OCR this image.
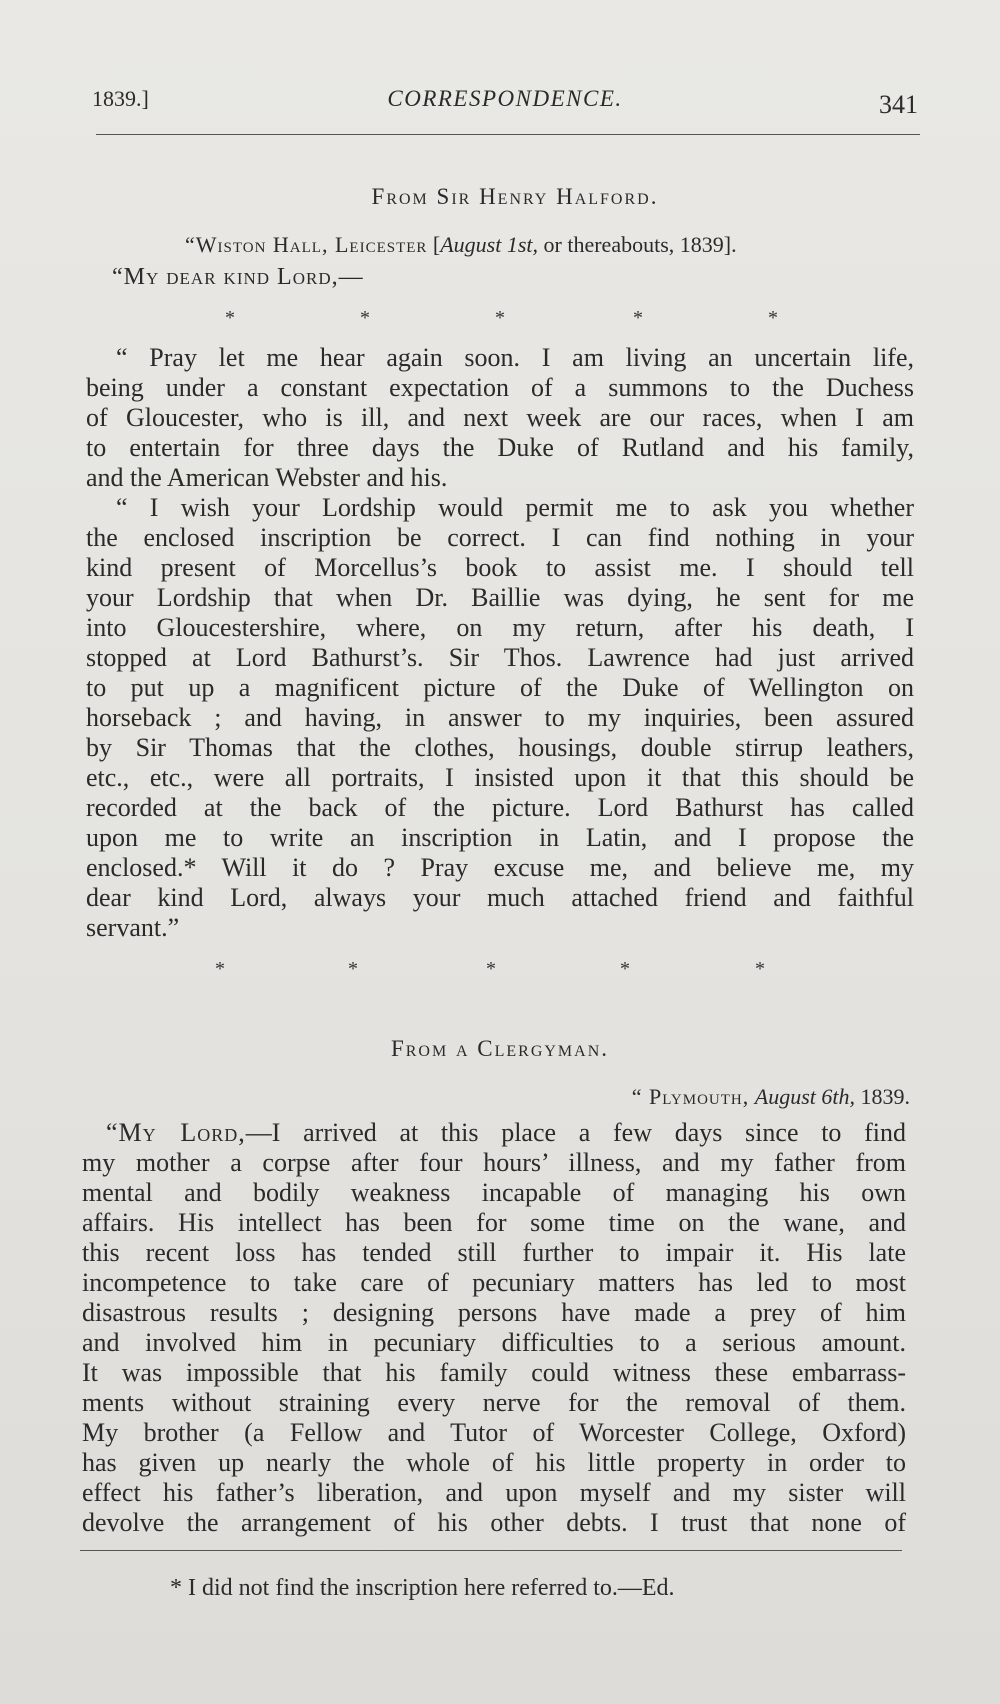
1839.]	CORRESPONDENCE.	341
From Sir Henry Halford.
“Wiston Hall, Leicester [August 1st, or thereabouts, 1839].
“My dear kind Lord,—
*	*	*	*	*
“ Pray let me hear again soon. I am living an uncertain life,
being under a constant expectation of a summons to the Duchess
of Gloucester, who is ill, and next week are our races, when I am
to entertain for three days the Duke of Rutland and his family,
and the American Webster and his.
“ I wish your Lordship would permit me to ask you whether
the enclosed inscription be correct. I can find nothing in your
kind present of Morcellus’s book to assist me. I should tell
your Lordship that when Dr. Baillie was dying, he sent for me
into Gloucestershire, where, on my return, after his death, I
stopped at Lord Bathurst’s. Sir Thos. Lawrence had just arrived
to put up a magnificent picture of the Duke of Wellington on
horseback ; and having, in answer to my inquiries, been assured
by Sir Thomas that the clothes, housings, double stirrup leathers,
etc., etc., were all portraits, I insisted upon it that this should be
recorded at the back of the picture. Lord Bathurst has called
upon me to write an inscription in Latin, and I propose the
enclosed.* Will it do ? Pray excuse me, and believe me, my
dear kind Lord, always your much attached friend and faithful
servant.”
*	*	*	*	*
From a Clergyman.
“ Plymouth, August 6th, 1839.
“My Lord,—I arrived at this place a few days since to find
my mother a corpse after four hours’ illness, and my father from
mental and bodily weakness incapable of managing his own
affairs. His intellect has been for some time on the wane, and
this recent loss has tended still further to impair it. His late
incompetence to take care of pecuniary matters has led to most
disastrous results ; designing persons have made a prey of him
and involved him in pecuniary difficulties to a serious amount.
It was impossible that his family could witness these embarrass-
ments without straining every nerve for the removal of them.
My brother (a Fellow and Tutor of Worcester College, Oxford)
has given up nearly the whole of his little property in order to
effect his father’s liberation, and upon myself and my sister will
devolve the arrangement of his other debts. I trust that none of
* I did not find the inscription here referred to.—Ed.
